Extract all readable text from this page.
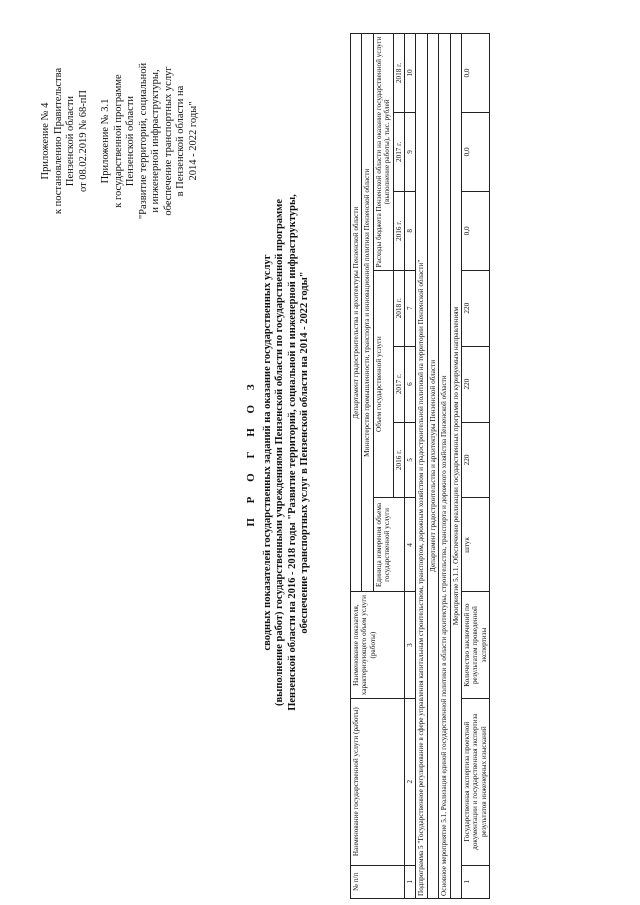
Приложение № 4
к постановлению Правительства
Пензенской области
от 08.02.2019 № 68-пП

Приложение № 3.1
к государственной программе
Пензенской области
"Развитие территорий, социальной
и инженерной инфраструктуры,
обеспечение транспортных услуг
в Пензенской области на
2014 - 2022 годы"

П Р О Г Н О З сводных показателей государственных заданий на оказание государственных услуг (выполнение работ) государственными учреждениями Пензенской области по государственной программе Пензенской области на 2016 - 2018 годы "Развитие территорий, социальной и инженерной инфраструктуры, обеспечение транспортных услуг в Пензенской области на 2014 - 2022 годы"
№ п/п	Наименование государственной услуги (работы)	Наименование показателя, характеризующего объем услуги (работы)	Департамент градостроительства и архитектуры Пензенской области						
			Министерство промышленности, транспорта и инновационной политики Пензенской области						
			Единица измерения объема государственной услуги	Объем государственной услуги			Расходы бюджета Пензенской области на оказание государственной услуги (выполнение работы), тыс. рублей		
				2016 г.	2017 г.	2018 г.	2016 г.	2017 г.	2018 г.
1	2	3	4	5	6	7	8	9	10
Подпрограмма 5 "Государственное регулирование в сфере управления капитальным строительством, транспортом, дорожным хозяйством и градостроительной политикой на территории Пензенской области"									
Департамент градостроительства и архитектуры Пензенской области									
Основное мероприятие 5.1. Реализация единой государственной политики в области архитектуры, строительства, транспорта и дорожного хозяйства Пензенской области									
Мероприятие 5.1.1. Обеспечение реализации государственных программ по курируемым направлениям									
1	Государственная экспертиза проектной документации и государственная экспертиза результатов инженерных изысканий	Количество заключений по результатам проведенной экспертизы	штук	220	220	220	0,0	0,0	0,0
